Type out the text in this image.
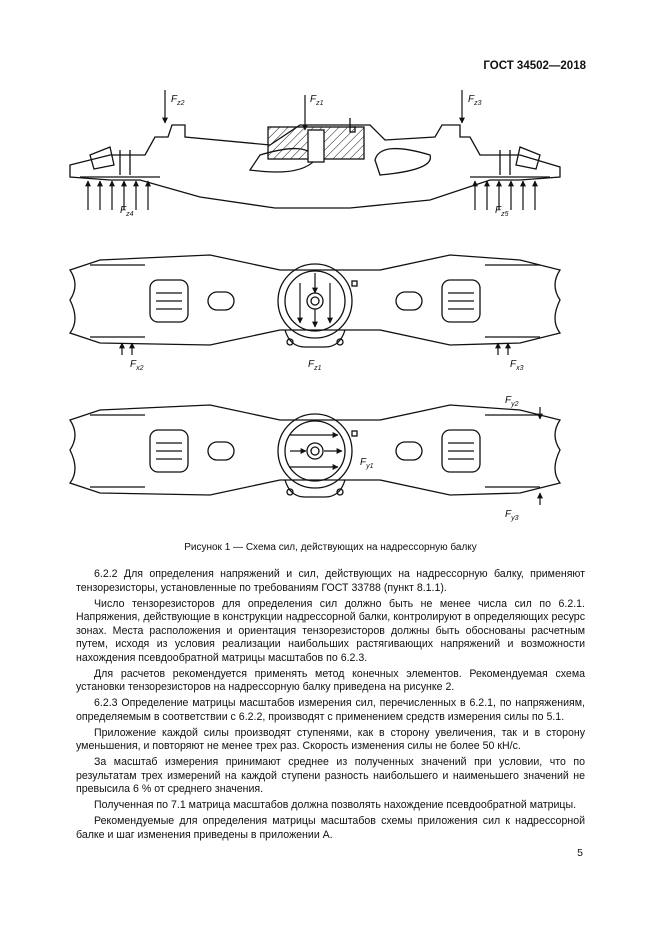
ГОСТ 34502—2018
$F_{z2}$	$F_{z1}$	$F_{z3}$
$F_{z4}$	$F_{z5}$
$F_{x2}$	$F_{z1}$	$F_{x3}$
$F_{y2}$
$F_{y1}$
$F_{y3}$
Рисунок 1 — Схема сил, действующих на надрессорную балку

6.2.2 Для определения напряжений и сил, действующих на надрессорную балку, применяют тензорезисторы, установленные по требованиям ГОСТ 33788 (пункт 8.1.1).

Число тензорезисторов для определения сил должно быть не менее числа сил по 6.2.1. Напряжения, действующие в конструкции надрессорной балки, контролируют в определяющих ресурс зонах. Места расположения и ориентация тензорезисторов должны быть обоснованы расчетным путем, исходя из условия реализации наибольших растягивающих напряжений и возможности нахождения псевдообратной матрицы масштабов по 6.2.3.

Для расчетов рекомендуется применять метод конечных элементов. Рекомендуемая схема установки тензорезисторов на надрессорную балку приведена на рисунке 2.

6.2.3 Определение матрицы масштабов измерения сил, перечисленных в 6.2.1, по напряжениям, определяемым в соответствии с 6.2.2, производят с применением средств измерения силы по 5.1.

Приложение каждой силы производят ступенями, как в сторону увеличения, так и в сторону уменьшения, и повторяют не менее трех раз. Скорость изменения силы не более 50 кН/с.

За масштаб измерения принимают среднее из полученных значений при условии, что по результатам трех измерений на каждой ступени разность наибольшего и наименьшего значений не превысила 6 % от среднего значения.

Полученная по 7.1 матрица масштабов должна позволять нахождение псевдообратной матрицы.

Рекомендуемые для определения матрицы масштабов схемы приложения сил к надрессорной балке и шаг изменения приведены в приложении А.

5
